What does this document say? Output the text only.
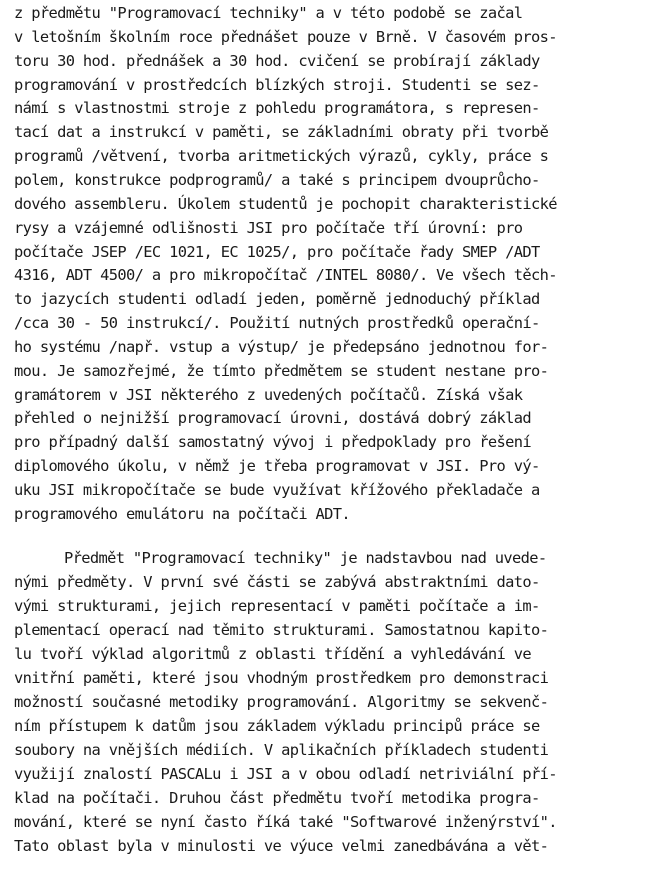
z předmětu "Programovací techniky" a v této podobě se začal
v letošním školním roce přednášet pouze v Brně. V časovém pros-
toru 30 hod. přednášek a 30 hod. cvičení se probírají základy
programování v prostředcích blízkých stroji. Studenti se sez-
námí s vlastnostmi stroje z pohledu programátora, s represen-
tací dat a instrukcí v paměti, se základními obraty při tvorbě
programů /větvení, tvorba aritmetických výrazů, cykly, práce s
polem, konstrukce podprogramů/ a také s principem dvouprůcho-
dového assembleru. Úkolem studentů je pochopit charakteristické
rysy a vzájemné odlišnosti JSI pro počítače tří úrovní: pro
počítače JSEP /EC 1021, EC 1025/, pro počítače řady SMEP /ADT
4316, ADT 4500/ a pro mikropočítač /INTEL 8080/. Ve všech těch-
to jazycích studenti odladí jeden, poměrně jednoduchý příklad
/cca 30 - 50 instrukcí/. Použití nutných prostředků operační-
ho systému /např. vstup a výstup/ je předepsáno jednotnou for-
mou. Je samozřejmé, že tímto předmětem se student nestane pro-
gramátorem v JSI některého z uvedených počítačů. Získá však
přehled o nejnižší programovací úrovni, dostává dobrý základ
pro případný další samostatný vývoj i předpoklady pro řešení
diplomového úkolu, v němž je třeba programovat v JSI. Pro vý-
uku JSI mikropočítače se bude využívat křížového překladače a
programového emulátoru na počítači ADT.
Předmět "Programovací techniky" je nadstavbou nad uvede-
nými předměty. V první své části se zabývá abstraktními dato-
vými strukturami, jejich representací v paměti počítače a im-
plementací operací nad těmito strukturami. Samostatnou kapito-
lu tvoří výklad algoritmů z oblasti třídění a vyhledávání ve
vnitřní paměti, které jsou vhodným prostředkem pro demonstraci
možností současné metodiky programování. Algoritmy se sekvenč-
ním přístupem k datům jsou základem výkladu principů práce se
soubory na vnějších médiích. V aplikačních příkladech studenti
využijí znalostí PASCALu i JSI a v obou odladí netriviální pří-
klad na počítači. Druhou část předmětu tvoří metodika progra-
mování, které se nyní často říká také "Softwarové inženýrství".
Tato oblast byla v minulosti ve výuce velmi zanedbávána a vět-
